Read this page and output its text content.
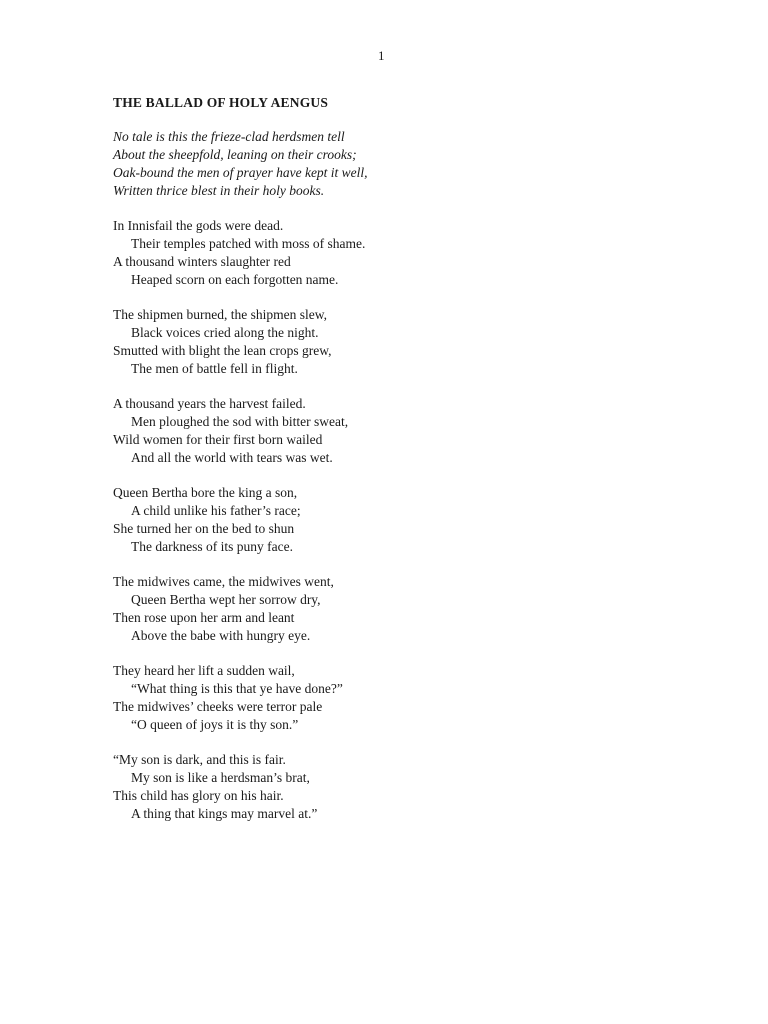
1
THE BALLAD OF HOLY AENGUS
No tale is this the frieze-clad herdsmen tell
About the sheepfold, leaning on their crooks;
Oak-bound the men of prayer have kept it well,
Written thrice blest in their holy books.
In Innisfail the gods were dead.
Their temples patched with moss of shame.
A thousand winters slaughter red
Heaped scorn on each forgotten name.
The shipmen burned, the shipmen slew,
Black voices cried along the night.
Smutted with blight the lean crops grew,
The men of battle fell in flight.
A thousand years the harvest failed.
Men ploughed the sod with bitter sweat,
Wild women for their first born wailed
And all the world with tears was wet.
Queen Bertha bore the king a son,
A child unlike his father’s race;
She turned her on the bed to shun
The darkness of its puny face.
The midwives came, the midwives went,
Queen Bertha wept her sorrow dry,
Then rose upon her arm and leant
Above the babe with hungry eye.
They heard her lift a sudden wail,
“What thing is this that ye have done?”
The midwives’ cheeks were terror pale
“O queen of joys it is thy son.”
“My son is dark, and this is fair.
My son is like a herdsman’s brat,
This child has glory on his hair.
A thing that kings may marvel at.”
